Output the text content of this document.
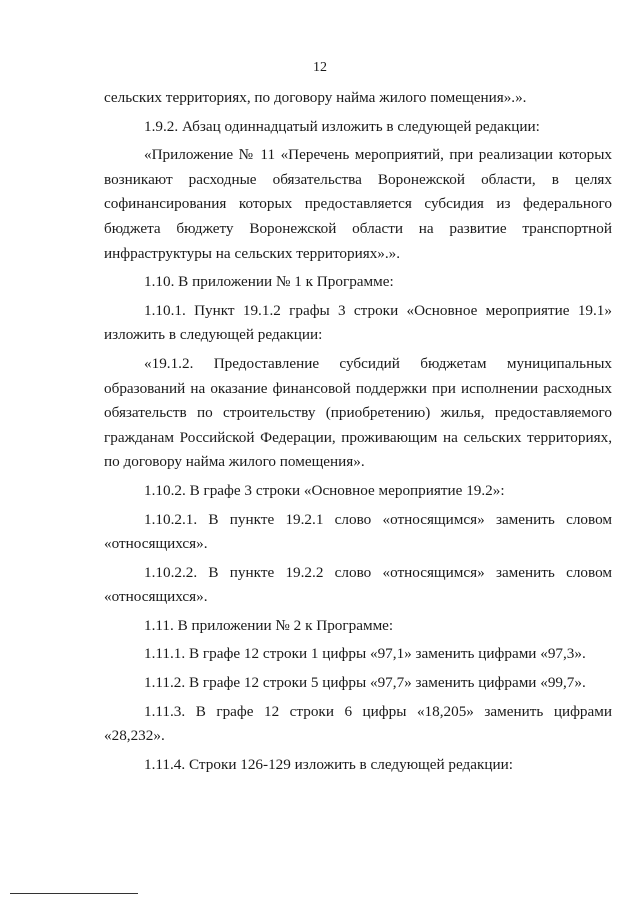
12

сельских территориях, по договору найма жилого помещения».».

1.9.2. Абзац одиннадцатый изложить в следующей редакции:

«Приложение № 11 «Перечень мероприятий, при реализации которых возникают расходные обязательства Воронежской области, в целях софинансирования которых предоставляется субсидия из федерального бюджета бюджету Воронежской области на развитие транспортной инфраструктуры на сельских территориях».».

1.10. В приложении № 1 к Программе:

1.10.1. Пункт 19.1.2 графы 3 строки «Основное мероприятие 19.1» изложить в следующей редакции:

«19.1.2. Предоставление субсидий бюджетам муниципальных образований на оказание финансовой поддержки при исполнении расходных обязательств по строительству (приобретению) жилья, предоставляемого гражданам Российской Федерации, проживающим на сельских территориях, по договору найма жилого помещения».

1.10.2. В графе 3 строки «Основное мероприятие 19.2»:

1.10.2.1. В пункте 19.2.1 слово «относящимся» заменить словом «относящихся».

1.10.2.2. В пункте 19.2.2 слово «относящимся» заменить словом «относящихся».

1.11. В приложении № 2 к Программе:

1.11.1. В графе 12 строки 1 цифры «97,1» заменить цифрами «97,3».

1.11.2. В графе 12 строки 5 цифры «97,7» заменить цифрами «99,7».

1.11.3. В графе 12 строки 6 цифры «18,205» заменить цифрами «28,232».

1.11.4. Строки 126-129 изложить в следующей редакции:
